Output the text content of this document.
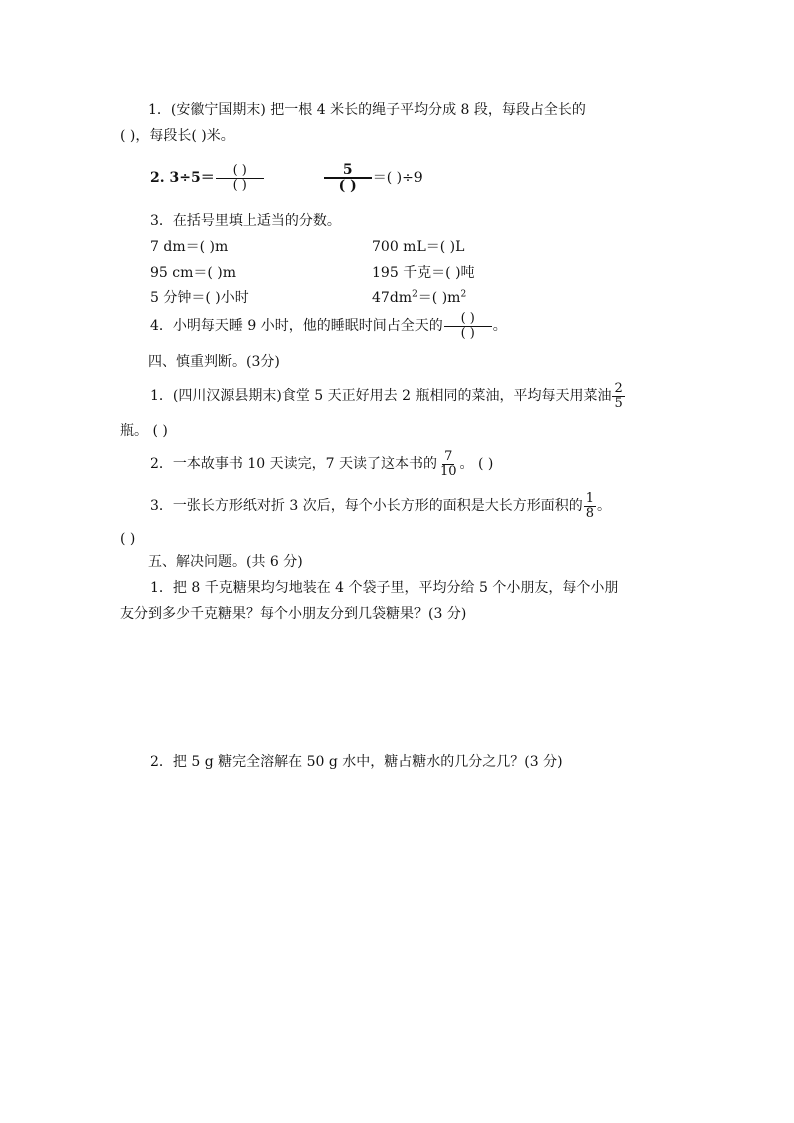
1．(安徽宁国期末) 把一根 4 米长的绳子平均分成 8 段，每段占全长的
( )，每段长( )米。
2. $3\div 5= \frac{( )}{( )}$	$\frac{5}{( )}$ ＝( )÷9
3．在括号里填上适当的分数。
7 dm＝( )m	700 mL＝( )L
95 cm＝( )m	195 千克＝( )吨
5 分钟＝( )小时	$47dm^2=$( )$m^2$
4．小明每天睡 9 小时，他的睡眠时间占全天的 $\frac{( )}{( )}$ 。
四、慎重判断。(3分)
1．(四川汉源县期末)食堂 5 天正好用去 2 瓶相同的菜油，平均每天用菜油 $\frac{2}{5}$
瓶。 ( )
2．一本故事书 10 天读完，7 天读了这本书的 $\frac{7}{10}$ 。 ( )
3．一张长方形纸对折 3 次后，每个小长方形的面积是大长方形面积的 $\frac{1}{8}$ 。
( )
五、解决问题。(共 6 分)
1．把 8 千克糖果均匀地装在 4 个袋子里，平均分给 5 个小朋友，每个小朋
友分到多少千克糖果？每个小朋友分到几袋糖果？(3 分)
2．把 5 g 糖完全溶解在 50 g 水中，糖占糖水的几分之几？(3 分)
